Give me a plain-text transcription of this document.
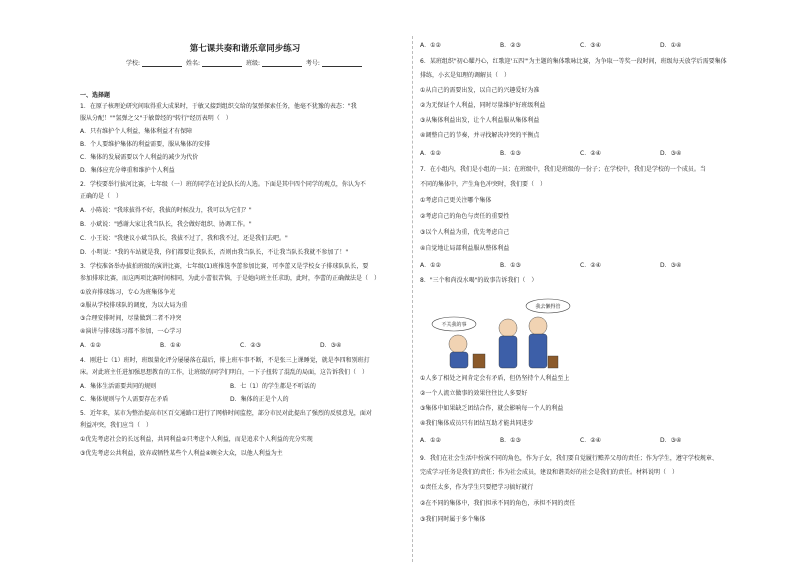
第七课共奏和谐乐章同步练习
学校:	姓名:	班级:	考号:
一、选择题
1．在原子核理论研究间取得重大成果时，于敏又接到组织交给的氢弹探索任务，他毫不犹豫的表态："我
服从分配！""氢弹之父"于敏曾经的"转行"经历表明（　）
A．只有维护个人利益，集体利益才有保障
B．个人要维护集体的利益需要，服从集体的安排
C．集体的发展需要以个人利益的减少为代价
D．集体应充分尊重和维护个人利益
2．学校要举行拔河比赛，七年级（一）班的同学在讨论队长的人选。下面是其中四个同学的观点，你认为不
正确的是（　）
A．小陈说："我球拔得不好，我拔的时候没力，我可以为它们？"
B．小斌说："感谢大家让我当队长，我会做好组织、协调工作。"
C．小王说："我建议小斌当队长，我拔不过了，我和我不过，还是我们去吧。"
D．小明说："我的车站就是我，你们都要让我队长，否则由我当队长，不让我当队长我就不参加了！"
3．学校准备举办拔拍班级的演讲比赛，七年级(1)班推选李蕾参加比赛，可李蕾又是学校女子排球队队长，要
参加排球比赛，而这两项比赛时间相同，为此小蕾很苦恼，于是她向班主任求助，此时，李蕾的正确做法是（　）
①放弃排球练习，专心为班集体争光
②服从学校排球队的调度，为以大局为重
③合理安排时间，尽量做到二者不冲突
④演讲与排球练习都不参加，一心学习
A．①②	B．①④	C．②③	D．③④
4．刚进七（1）班时，班级量化评分屡屡落在最后，排上班车事不断，不是张三上课睡觉，就是李四和别班打
床。对此班主任进加强思想教育的工作，让班级的同学们明白，一下子扭转了混乱的局面，这告诉我们（　）
A．集体生活需要共同的规则	B．七（1）的学生都是不听话的
C．集体规则与个人需要存在矛盾	D．集体的正是个人的
5．近年来，某市为整治提高市区百交通路口进行了网格时间监控，部分市民对此提出了强烈的反驳意见，面对
利益冲突，我们应当（　）
①优先考虑社会的长远利益，共同利益②只考虑个人利益，而是追求个人利益的充分实现
③优先考虑公共利益，放弃或牺牲某些个人利益④顾全大众，以他人利益为主
A．①②	B．②③	C．③④	D．①④
6．某班组织"初心耀丹心，红歌迎'五四'"为主题的集体歌咏比赛，为争取一等奖一段时间，班级每天放学后需要集体
排练，小玄是知理的调解员（　）
①从自己的需要出发，以自己的兴趣爱好为准
②为无保证个人利益，同时尽量维护好班级利益
③从集体利益出发，让个人利益服从集体利益
④调整自己的节奏，并寻找解决冲突的平衡点
A．①②	B．①③	C．②④	D．③④
7．在小组内，我们是小组的一员；在班级中，我们是班级的一份子；在学校中，我们是学校的一个成员。当
不同的集体中，产生角色冲突时，我们要（　）
①考虑自己更关注哪个集体
②考虑自己的角色与责任的重要性
③以个人利益为重，优先考虑自己
④自觉地让局部利益服从整体利益
A．①②	B．①③	C．②④	D．③④
8．"三个和尚没水喝"的故事告诉我们（　）
不关我的事
我去懒得管
①人多了相处之间肯定会有矛盾，但仍坚持个人利益至上
②一个人流立做事的效果往往比人多要好
③集体中如果缺乏团结合作，就会影响每一个人的利益
④我们集体成员只有团结互助才能共同进步
A．①②	B．①③	C．②④	D．③④
9．我们在社会生活中扮演不同的角色，作为子女，我们要自觉履行赡养父母的责任；作为学生，遵守学校规章、
完成学习任务是我们的责任；作为社会成员，建设和谐美好的社会是我们的责任。材料说明（　）
①责任太多，作为学生只要把学习搞好就行
②在不同的集体中，我们担承不同的角色，承担不同的责任
③我们同时属于多个集体
